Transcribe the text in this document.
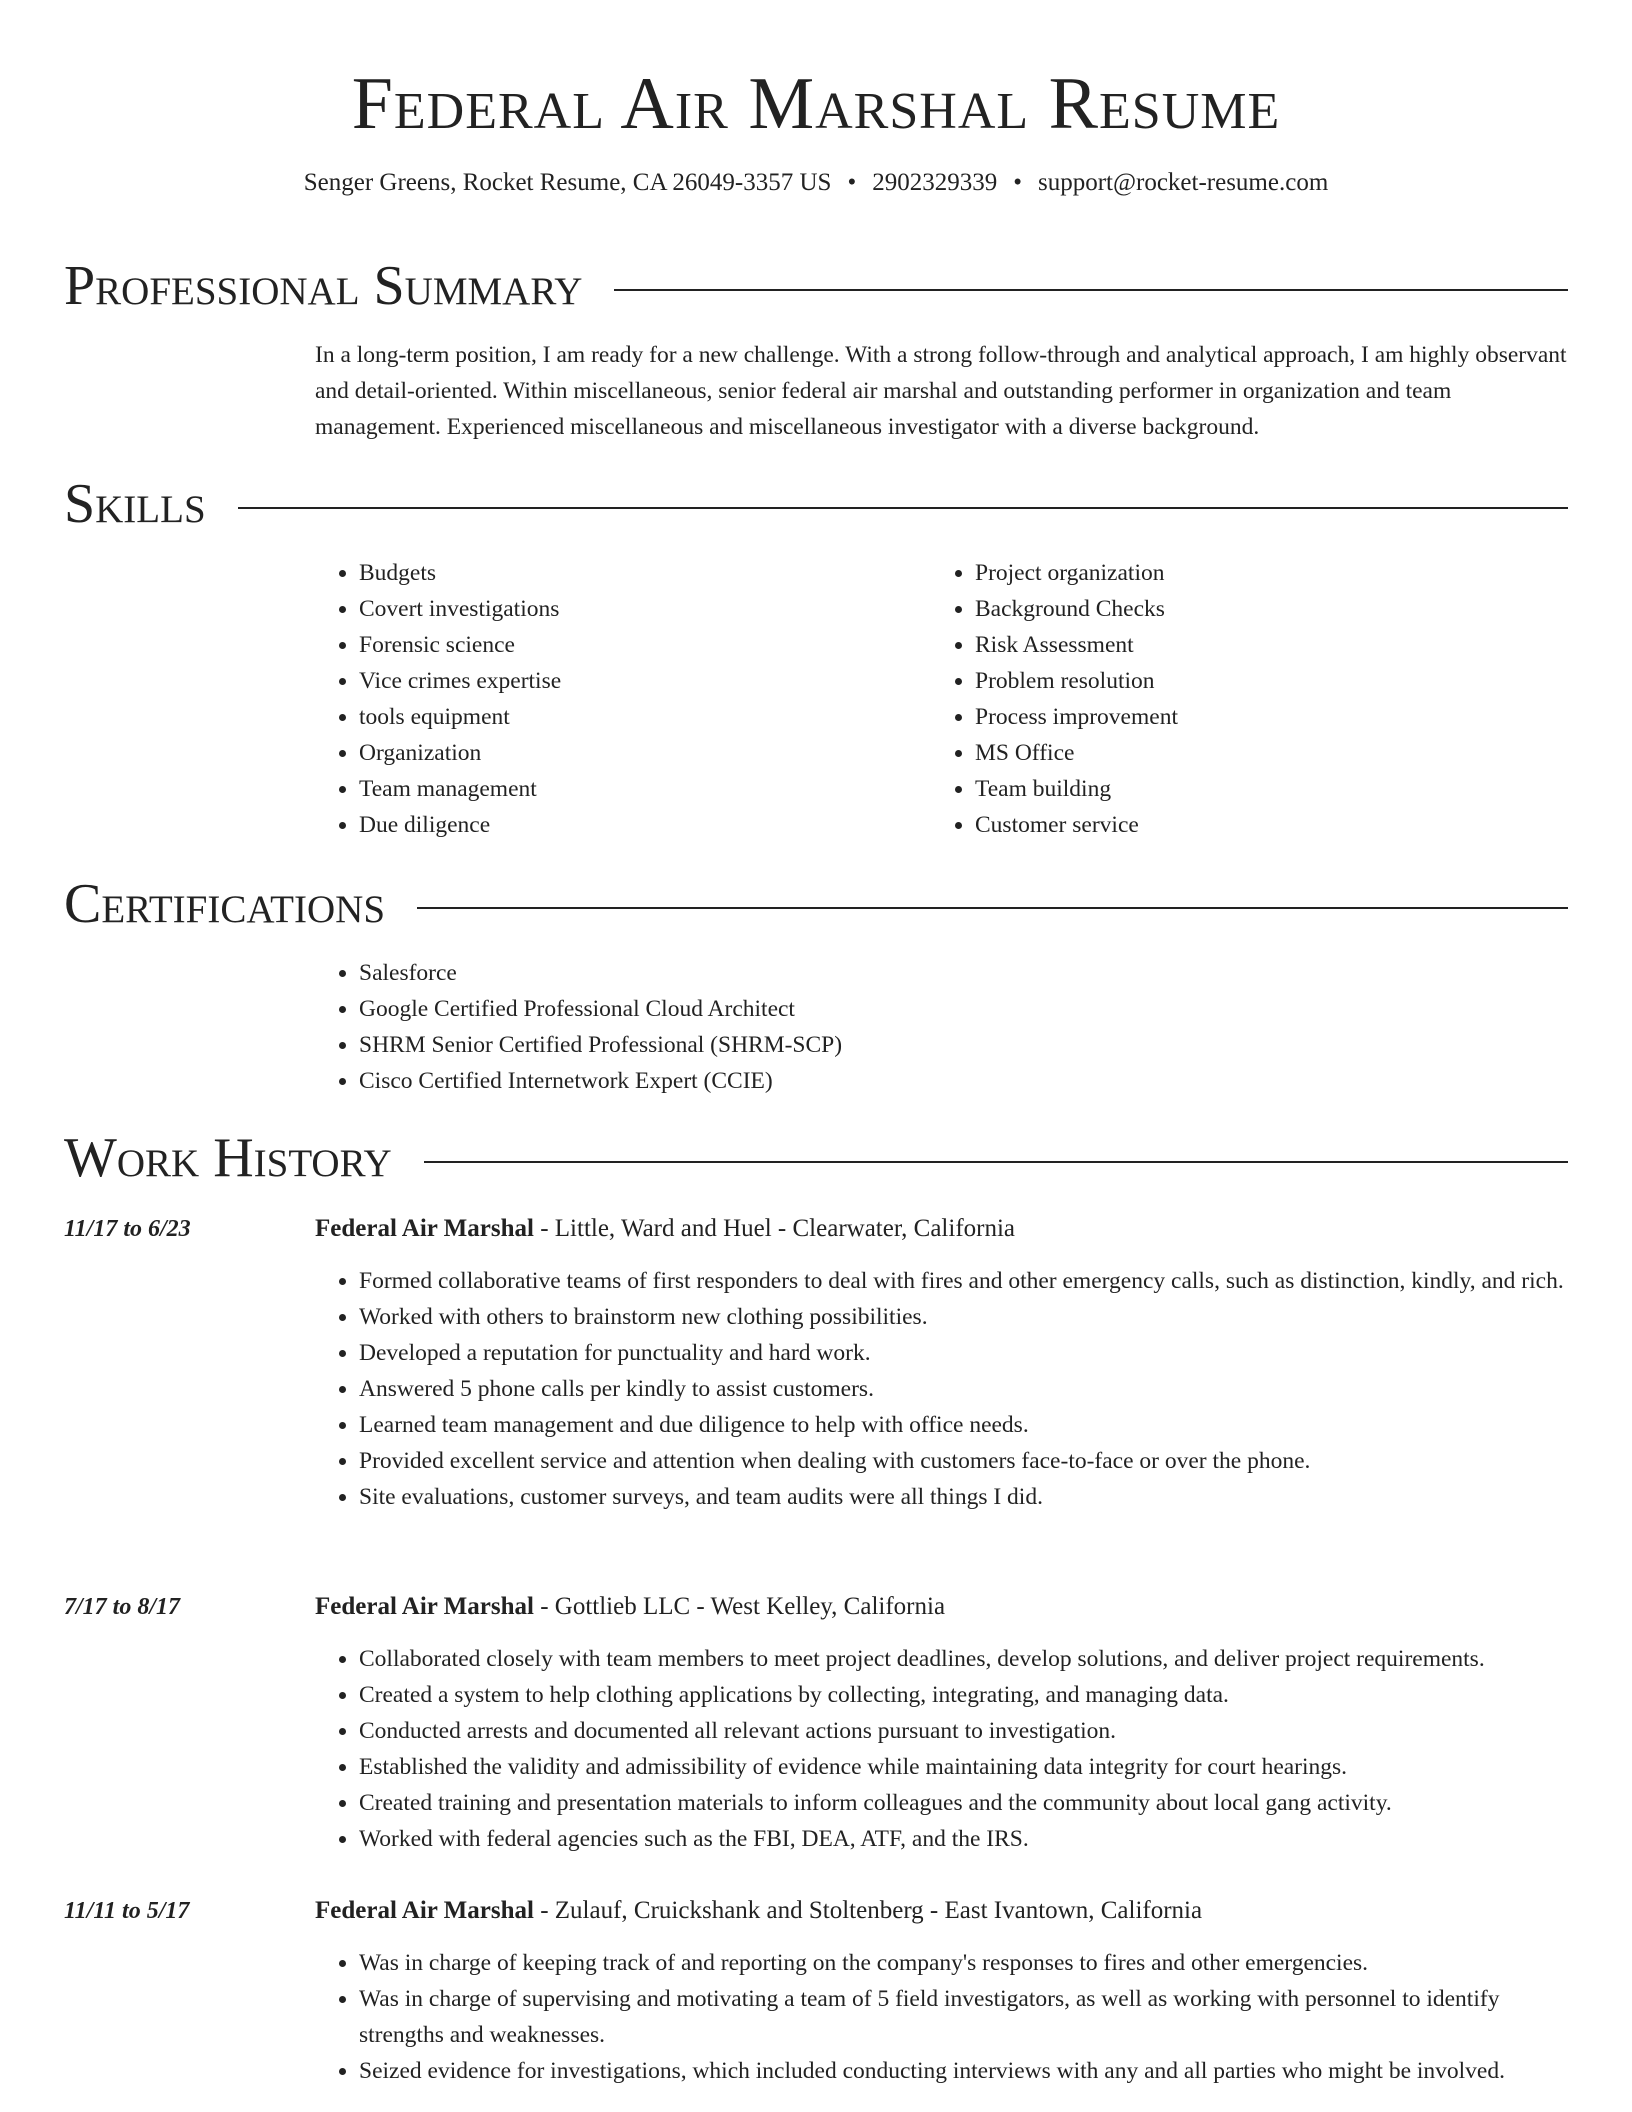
Federal Air Marshal Resume
Senger Greens, Rocket Resume, CA 26049-3357 US • 2902329339 • support@rocket-resume.com
Professional Summary

In a long-term position, I am ready for a new challenge. With a strong follow-through and analytical approach, I am highly observant and detail-oriented. Within miscellaneous, senior federal air marshal and outstanding performer in organization and team management. Experienced miscellaneous and miscellaneous investigator with a diverse background.

Skills
• Budgets
• Covert investigations
• Forensic science
• Vice crimes expertise
• tools equipment
• Organization
• Team management
• Due diligence
• Project organization
• Background Checks
• Risk Assessment
• Problem resolution
• Process improvement
• MS Office
• Team building
• Customer service
Certifications
• Salesforce
• Google Certified Professional Cloud Architect
• SHRM Senior Certified Professional (SHRM-SCP)
• Cisco Certified Internetwork Expert (CCIE)
Work History
11/17 to 6/23	Federal Air Marshal - Little, Ward and Huel - Clearwater, California
• Formed collaborative teams of first responders to deal with fires and other emergency calls, such as distinction, kindly, and rich.
• Worked with others to brainstorm new clothing possibilities.
• Developed a reputation for punctuality and hard work.
• Answered 5 phone calls per kindly to assist customers.
• Learned team management and due diligence to help with office needs.
• Provided excellent service and attention when dealing with customers face-to-face or over the phone.
• Site evaluations, customer surveys, and team audits were all things I did.
7/17 to 8/17	Federal Air Marshal - Gottlieb LLC - West Kelley, California
• Collaborated closely with team members to meet project deadlines, develop solutions, and deliver project requirements.
• Created a system to help clothing applications by collecting, integrating, and managing data.
• Conducted arrests and documented all relevant actions pursuant to investigation.
• Established the validity and admissibility of evidence while maintaining data integrity for court hearings.
• Created training and presentation materials to inform colleagues and the community about local gang activity.
• Worked with federal agencies such as the FBI, DEA, ATF, and the IRS.
11/11 to 5/17	Federal Air Marshal - Zulauf, Cruickshank and Stoltenberg - East Ivantown, California
• Was in charge of keeping track of and reporting on the company's responses to fires and other emergencies.
• Was in charge of supervising and motivating a team of 5 field investigators, as well as working with personnel to identify strengths and weaknesses.
• Seized evidence for investigations, which included conducting interviews with any and all parties who might be involved.
